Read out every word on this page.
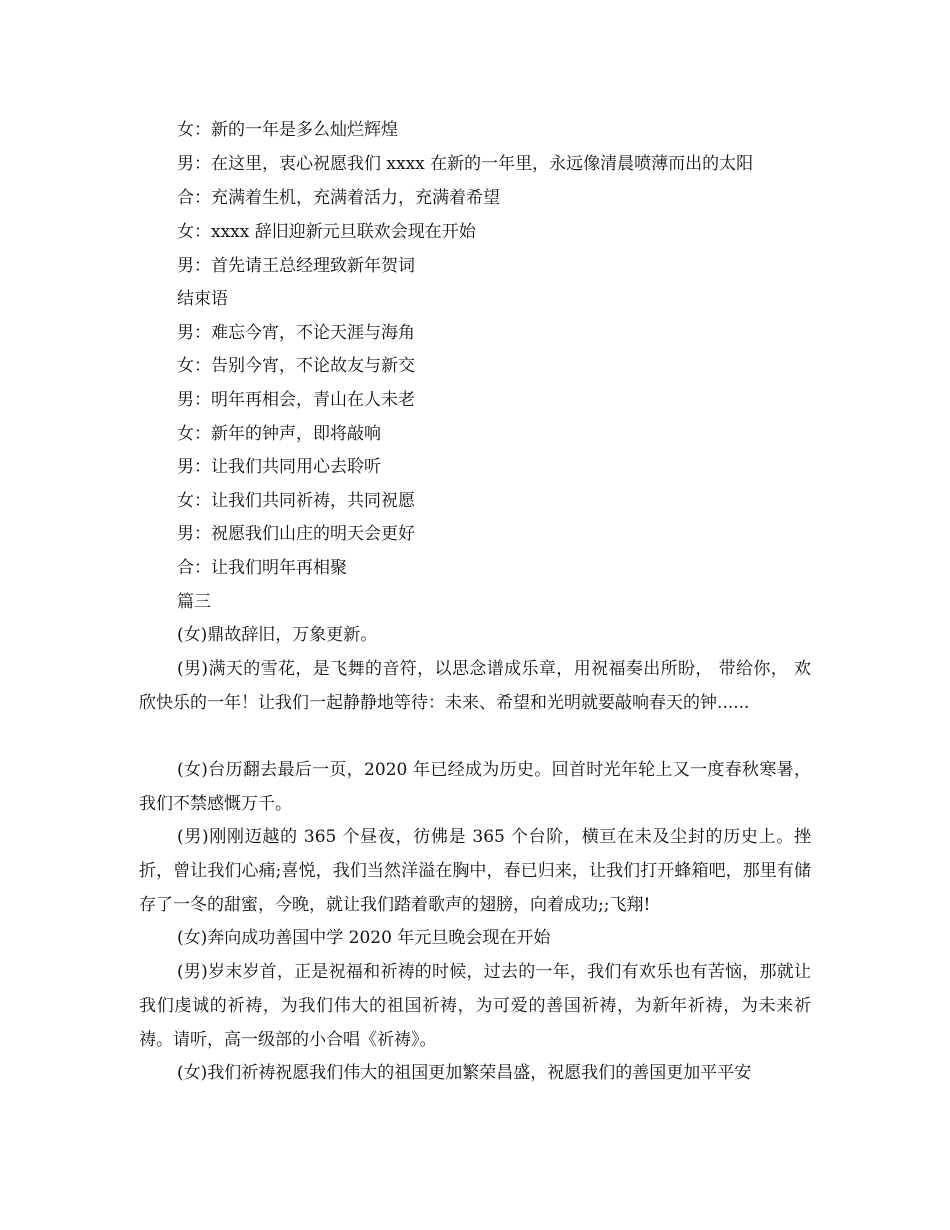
女：新的一年是多么灿烂辉煌
男：在这里，衷心祝愿我们 xxxx 在新的一年里，永远像清晨喷薄而出的太阳
合：充满着生机，充满着活力，充满着希望
女：xxxx 辞旧迎新元旦联欢会现在开始
男：首先请王总经理致新年贺词
结束语
男：难忘今宵，不论天涯与海角
女：告别今宵，不论故友与新交
男：明年再相会，青山在人未老
女：新年的钟声，即将敲响
男：让我们共同用心去聆听
女：让我们共同祈祷，共同祝愿
男：祝愿我们山庄的明天会更好
合：让我们明年再相聚
篇三
(女)鼎故辞旧，万象更新。
(男)满天的雪花，是飞舞的音符，以思念谱成乐章，用祝福奏出所盼， 带给你， 欢欣快乐的一年！让我们一起静静地等待：未来、希望和光明就要敲响春天的钟......
(女)台历翻去最后一页，2020 年已经成为历史。回首时光年轮上又一度春秋寒暑，我们不禁感慨万千。
(男)刚刚迈越的 365 个昼夜，彷佛是 365 个台阶，横亘在未及尘封的历史上。挫折，曾让我们心痛;喜悦，我们当然洋溢在胸中，春已归来，让我们打开蜂箱吧，那里有储存了一冬的甜蜜，今晚，就让我们踏着歌声的翅膀，向着成功;;飞翔!
(女)奔向成功善国中学 2020 年元旦晚会现在开始
(男)岁末岁首，正是祝福和祈祷的时候，过去的一年，我们有欢乐也有苦恼，那就让我们虔诚的祈祷，为我们伟大的祖国祈祷，为可爱的善国祈祷，为新年祈祷，为未来祈祷。请听，高一级部的小合唱《祈祷》。
(女)我们祈祷祝愿我们伟大的祖国更加繁荣昌盛，祝愿我们的善国更加平平安
